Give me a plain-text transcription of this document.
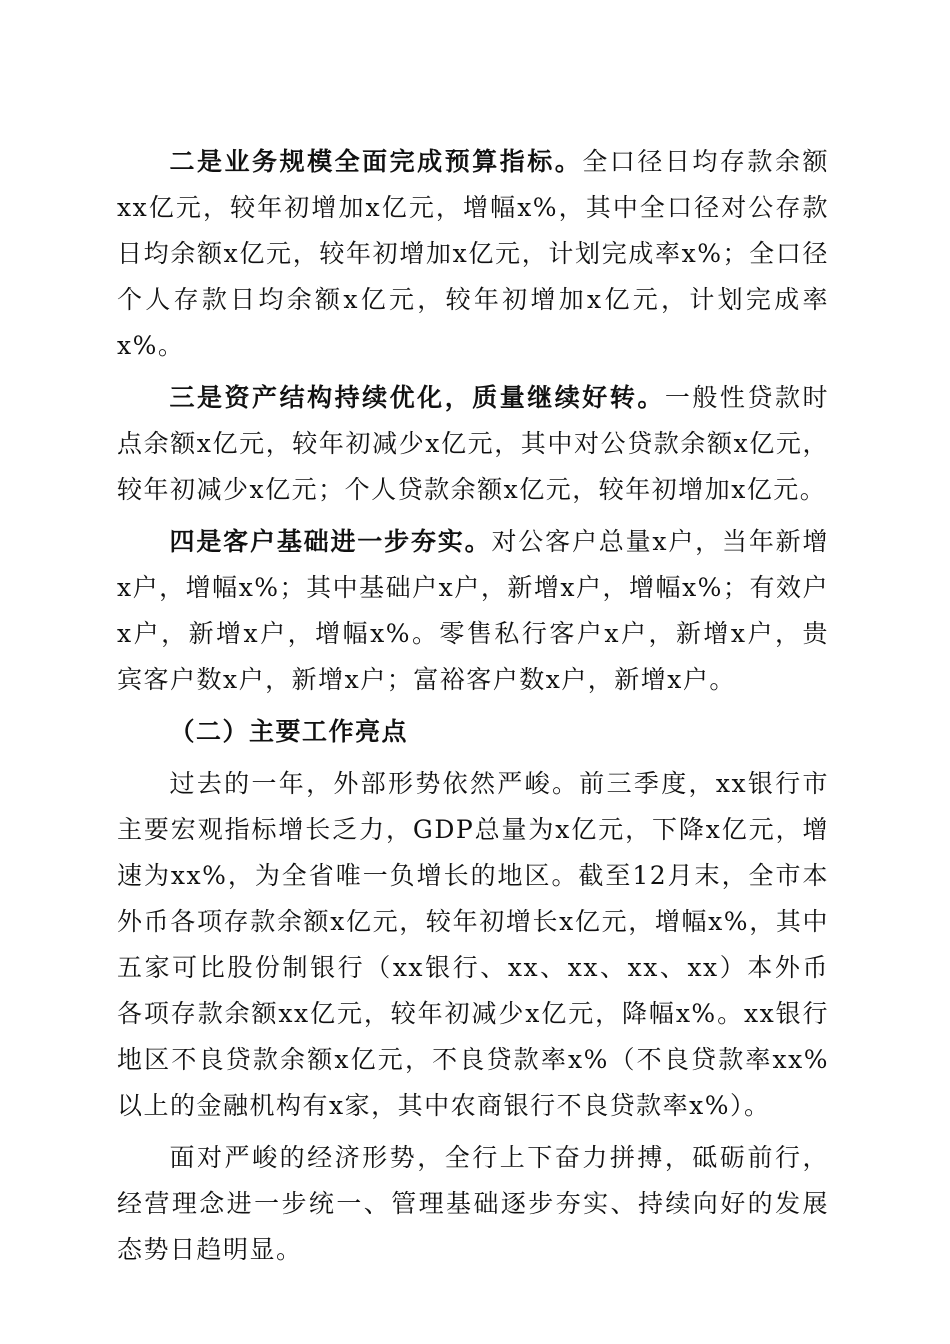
二是业务规模全面完成预算指标。全口径日均存款余额xx亿元，较年初增加x亿元，增幅x%，其中全口径对公存款日均余额x亿元，较年初增加x亿元，计划完成率x%；全口径个人存款日均余额x亿元，较年初增加x亿元，计划完成率x%。

三是资产结构持续优化，质量继续好转。一般性贷款时点余额x亿元，较年初减少x亿元，其中对公贷款余额x亿元，较年初减少x亿元；个人贷款余额x亿元，较年初增加x亿元。

四是客户基础进一步夯实。对公客户总量x户，当年新增x户，增幅x%；其中基础户x户，新增x户，增幅x%；有效户x户，新增x户，增幅x%。零售私行客户x户，新增x户，贵宾客户数x户，新增x户；富裕客户数x户，新增x户。

（二）主要工作亮点

过去的一年，外部形势依然严峻。前三季度，xx银行市主要宏观指标增长乏力，GDP总量为x亿元，下降x亿元，增速为xx%，为全省唯一负增长的地区。截至12月末，全市本外币各项存款余额x亿元，较年初增长x亿元，增幅x%，其中五家可比股份制银行（xx银行、xx、xx、xx、xx）本外币各项存款余额xx亿元，较年初减少x亿元，降幅x%。xx银行地区不良贷款余额x亿元，不良贷款率x%（不良贷款率xx%以上的金融机构有x家，其中农商银行不良贷款率x%）。

面对严峻的经济形势，全行上下奋力拼搏，砥砺前行，经营理念进一步统一、管理基础逐步夯实、持续向好的发展态势日趋明显。
